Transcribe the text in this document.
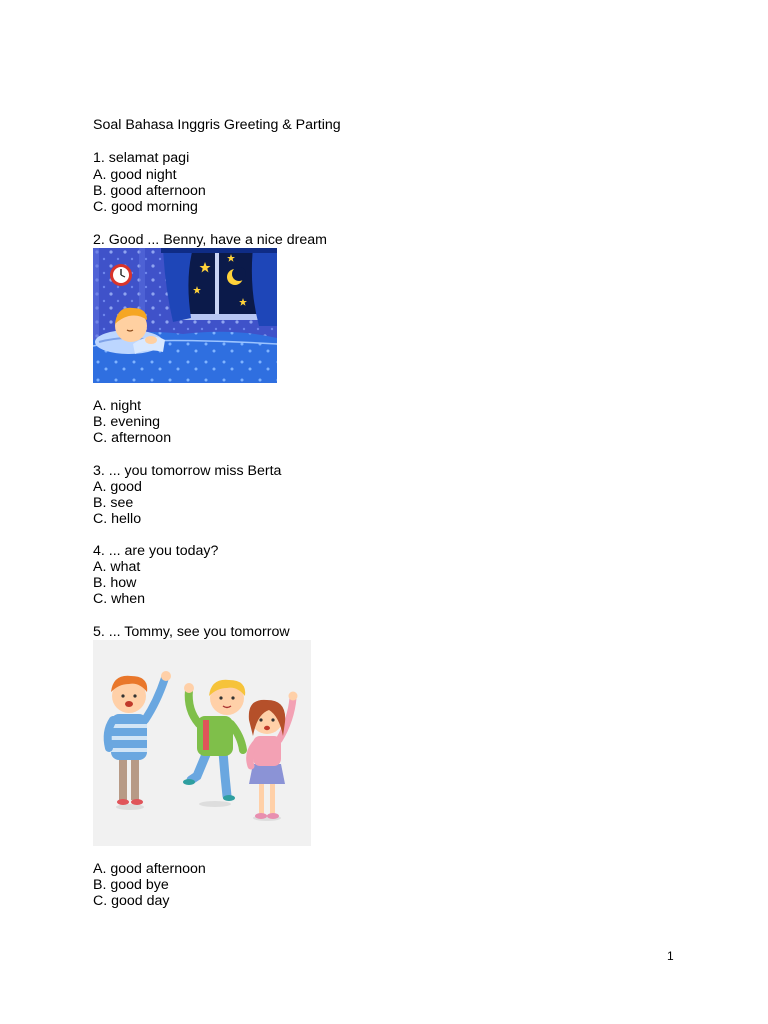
Soal Bahasa Inggris Greeting & Parting
1. selamat pagi
A. good night
B. good afternoon
C. good morning
2. Good ... Benny, have a nice dream
A. night
B. evening
C. afternoon
3. ... you tomorrow miss Berta
A. good
B. see
C. hello
4. ... are you today?
A. what
B. how
C. when
5. ... Tommy, see you tomorrow
A. good afternoon
B. good bye
C. good day
1
